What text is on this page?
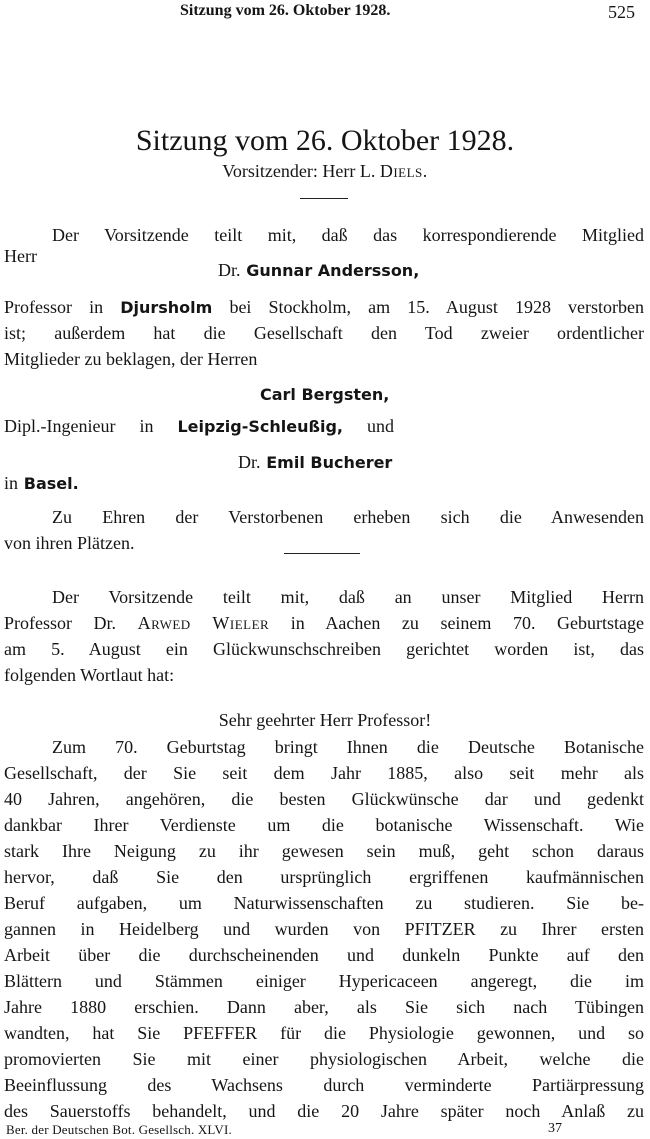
Sitzung vom 26. Oktober 1928.	525
Sitzung vom 26. Oktober 1928.
Vorsitzender: Herr L. Diels.
Der Vorsitzende teilt mit, daß das korrespondierende Mitglied
Herr
Dr. Gunnar Andersson,
Professor in Djursholm bei Stockholm, am 15. August 1928 verstorben
ist; außerdem hat die Gesellschaft den Tod zweier ordentlicher
Mitglieder zu beklagen, der Herren
Carl Bergsten,
Dipl.-Ingenieur in Leipzig-Schleußig, und
Dr. Emil Bucherer
in Basel.
Zu Ehren der Verstorbenen erheben sich die Anwesenden
von ihren Plätzen.
Der Vorsitzende teilt mit, daß an unser Mitglied Herrn
Professor Dr. Arwed Wieler in Aachen zu seinem 70. Geburtstage
am 5. August ein Glückwunschschreiben gerichtet worden ist, das
folgenden Wortlaut hat:
Sehr geehrter Herr Professor!
Zum 70. Geburtstag bringt Ihnen die Deutsche Botanische
Gesellschaft, der Sie seit dem Jahr 1885, also seit mehr als
40 Jahren, angehören, die besten Glückwünsche dar und gedenkt
dankbar Ihrer Verdienste um die botanische Wissenschaft. Wie
stark Ihre Neigung zu ihr gewesen sein muß, geht schon daraus
hervor, daß Sie den ursprünglich ergriffenen kaufmännischen
Beruf aufgaben, um Naturwissenschaften zu studieren. Sie be-
gannen in Heidelberg und wurden von PFITZER zu Ihrer ersten
Arbeit über die durchscheinenden und dunkeln Punkte auf den
Blättern und Stämmen einiger Hypericaceen angeregt, die im
Jahre 1880 erschien. Dann aber, als Sie sich nach Tübingen
wandten, hat Sie PFEFFER für die Physiologie gewonnen, und so
promovierten Sie mit einer physiologischen Arbeit, welche die
Beeinflussung des Wachsens durch verminderte Partiärpressung
des Sauerstoffs behandelt, und die 20 Jahre später noch Anlaß zu
Ber. der Deutschen Bot. Gesellsch. XLVI.	37
